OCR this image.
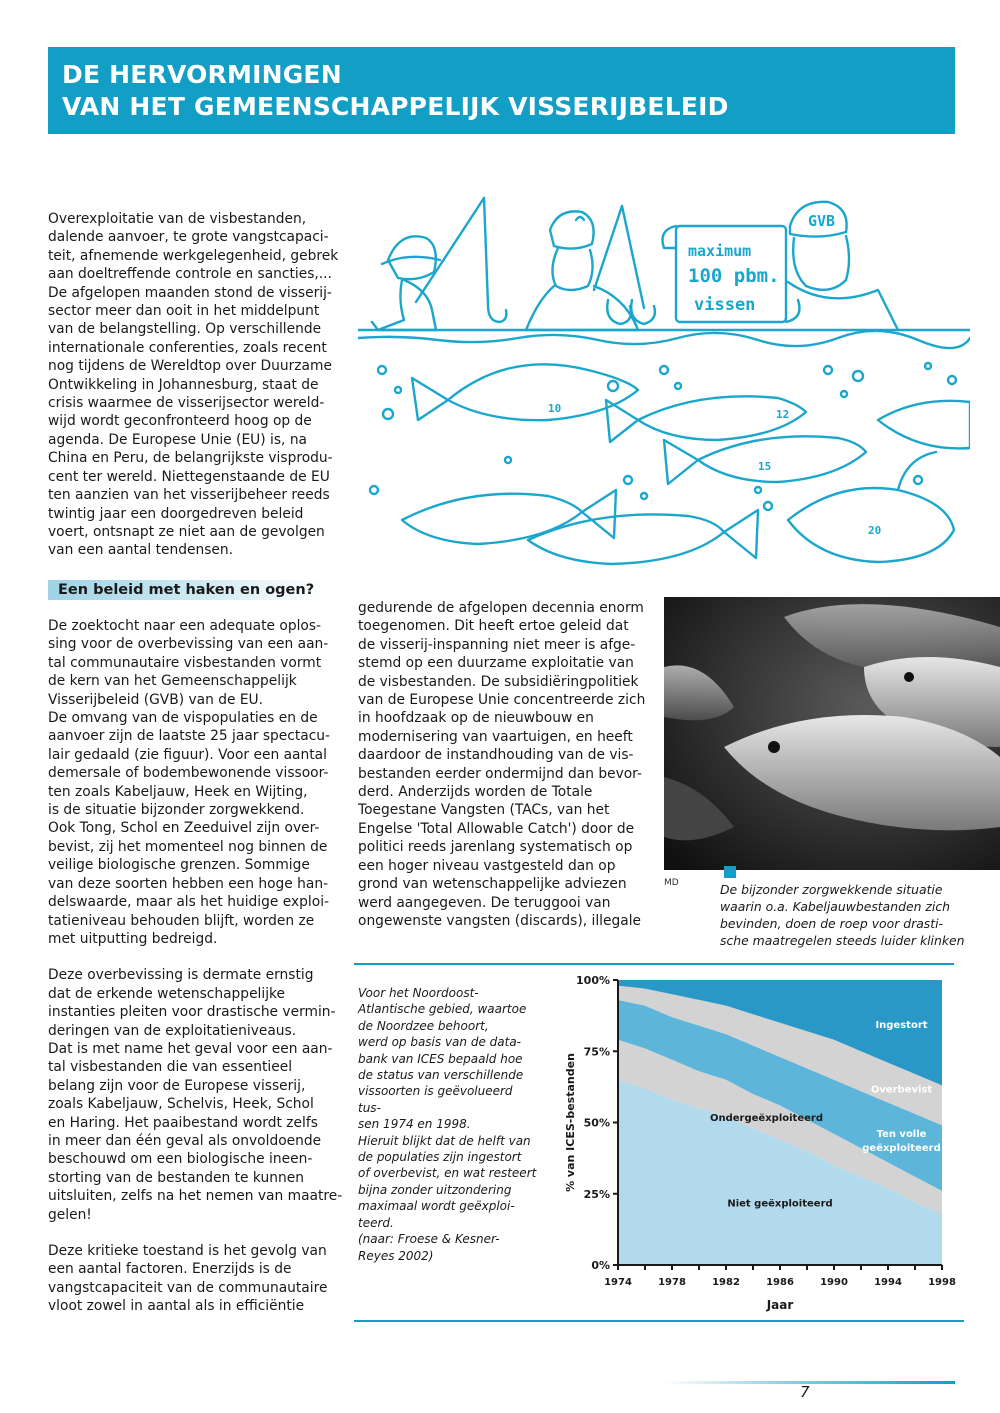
DE HERVORMINGEN
VAN HET GEMEENSCHAPPELIJK VISSERIJBELEID
Overexploitatie van de visbestanden,
dalende aanvoer, te grote vangstcapaci-
teit, afnemende werkgelegenheid, gebrek
aan doeltreffende controle en sancties,...
De afgelopen maanden stond de visserij-
sector meer dan ooit in het middelpunt
van de belangstelling. Op verschillende
internationale conferenties, zoals recent
nog tijdens de Wereldtop over Duurzame
Ontwikkeling in Johannesburg, staat de
crisis waarmee de visserijsector wereld-
wijd wordt geconfronteerd hoog op de
agenda. De Europese Unie (EU) is, na
China en Peru, de belangrijkste visprodu-
cent ter wereld. Niettegenstaande de EU
ten aanzien van het visserijbeheer reeds
twintig jaar een doorgedreven beleid
voert, ontsnapt ze niet aan de gevolgen
van een aantal tendensen.
Een beleid met haken en ogen?
De zoektocht naar een adequate oplos-
sing voor de overbevissing van een aan-
tal communautaire visbestanden vormt
de kern van het Gemeenschappelijk
Visserijbeleid (GVB) van de EU.
De omvang van de vispopulaties en de
aanvoer zijn de laatste 25 jaar spectacu-
lair gedaald (zie figuur). Voor een aantal
demersale of bodembewonende vissoor-
ten zoals Kabeljauw, Heek en Wijting,
is de situatie bijzonder zorgwekkend.
Ook Tong, Schol en Zeeduivel zijn over-
bevist, zij het momenteel nog binnen de
veilige biologische grenzen. Sommige
van deze soorten hebben een hoge han-
delswaarde, maar als het huidige exploi-
tatieniveau behouden blijft, worden ze
met uitputting bedreigd.
Deze overbevissing is dermate ernstig
dat de erkende wetenschappelijke
instanties pleiten voor drastische vermin-
deringen van de exploitatieniveaus.
Dat is met name het geval voor een aan-
tal visbestanden die van essentieel
belang zijn voor de Europese visserij,
zoals Kabeljauw, Schelvis, Heek, Schol
en Haring. Het paaibestand wordt zelfs
in meer dan één geval als onvoldoende
beschouwd om een biologische ineen-
storting van de bestanden te kunnen
uitsluiten, zelfs na het nemen van maatre-
gelen!
Deze kritieke toestand is het gevolg van
een aantal factoren. Enerzijds is de
vangstcapaciteit van de communautaire
vloot zowel in aantal als in efficiëntie
gedurende de afgelopen decennia enorm
toegenomen. Dit heeft ertoe geleid dat
de visserij-inspanning niet meer is afge-
stemd op een duurzame exploitatie van
de visbestanden. De subsidiëringpolitiek
van de Europese Unie concentreerde zich
in hoofdzaak op de nieuwbouw en
modernisering van vaartuigen, en heeft
daardoor de instandhouding van de vis-
bestanden eerder ondermijnd dan bevor-
derd. Anderzijds worden de Totale
Toegestane Vangsten (TACs, van het
Engelse 'Total Allowable Catch') door de
politici reeds jarenlang systematisch op
een hoger niveau vastgesteld dan op
grond van wetenschappelijke adviezen
werd aangegeven. De teruggooi van
ongewenste vangsten (discards), illegale
maximum
100 pbm.
vissen
GVB
10	12
15
20
MD	De bijzonder zorgwekkende situatie
waarin o.a. Kabeljauwbestanden zich
bevinden, doen de roep voor drasti-
sche maatregelen steeds luider klinken
Voor het Noordoost-
Atlantische gebied, waartoe
de Noordzee behoort,
werd op basis van de data-
bank van ICES bepaald hoe
de status van verschillende
vissoorten is geëvolueerd tus-
sen 1974 en 1998.
Hieruit blijkt dat de helft van
de populaties zijn ingestort
of overbevist, en wat resteert
bijna zonder uitzondering
maximaal wordt geëxploi-
teerd.
(naar: Froese & Kesner-
Reyes 2002)
0%
25%
50%
75%
100%
1974	1978	1982	1986	1990	1994	1998
Jaar
% van ICES-bestanden
Ingestort
Overbevist
Ten volle
geëxploiteerd
Ondergeëxploiteerd
Niet geëxploiteerd
7
